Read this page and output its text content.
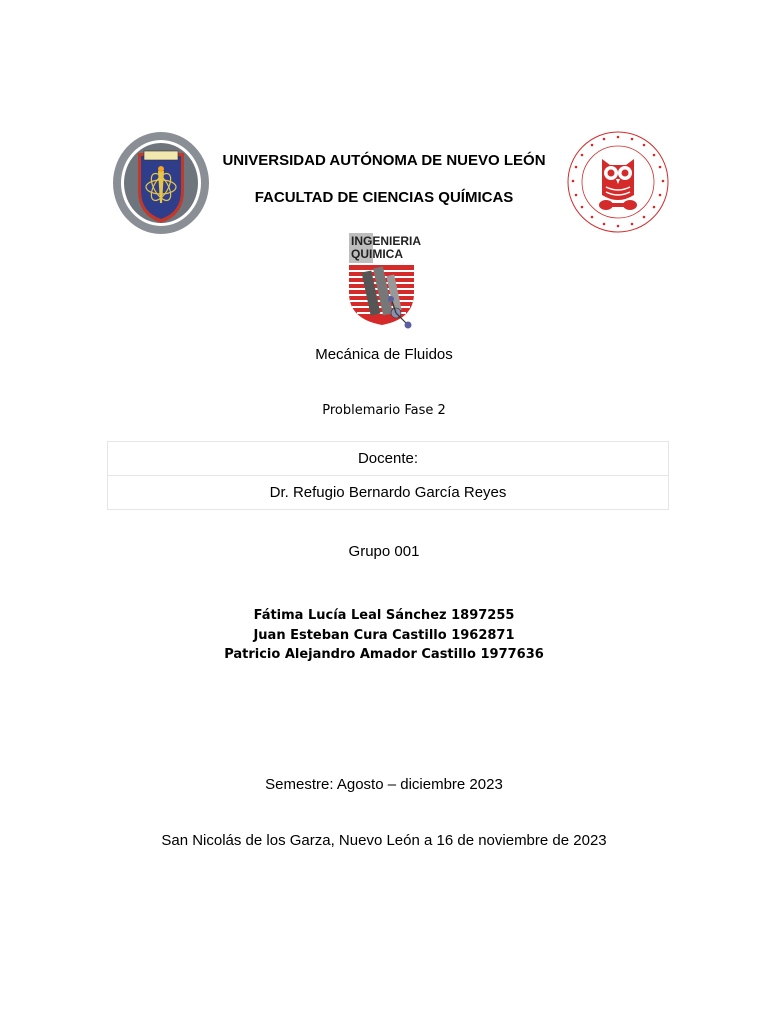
UNIVERSIDAD AUTÓNOMA DE NUEVO LEÓN
FACULTAD DE CIENCIAS QUÍMICAS
INGENIERIA
QUIMICA
Mecánica de Fluidos
Problemario Fase 2
Docente:
Dr. Refugio Bernardo García Reyes
Grupo 001
Fátima Lucía Leal Sánchez 1897255
Juan Esteban Cura Castillo 1962871
Patricio Alejandro Amador Castillo 1977636
Semestre: Agosto – diciembre 2023
San Nicolás de los Garza, Nuevo León a 16 de noviembre de 2023
